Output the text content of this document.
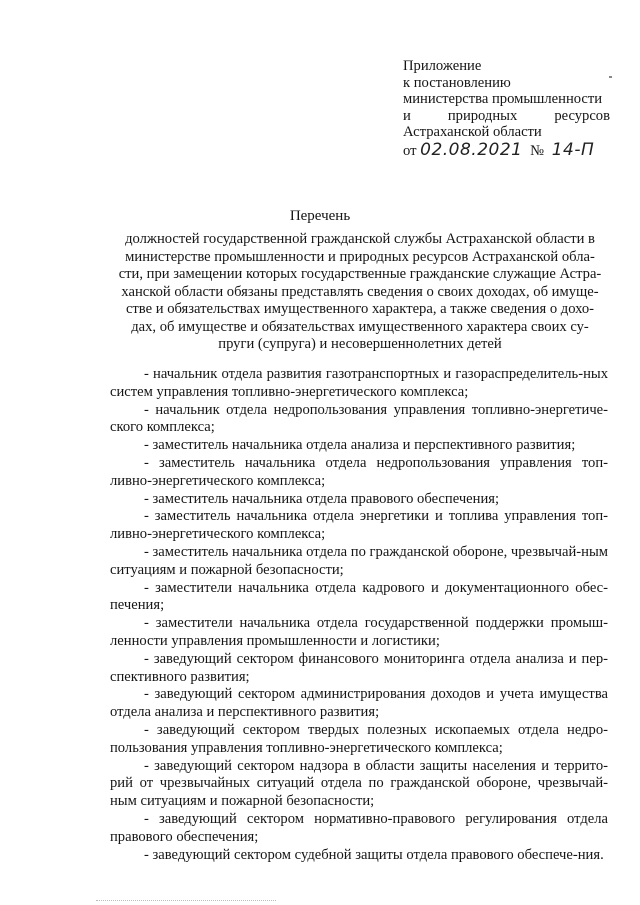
Приложение
к постановлению
министерства промышленности
и	природных	ресурсов
Астраханской области
от 02.08.2021 № 14-П
Перечень
должностей государственной гражданской службы Астраханской области в
министерстве промышленности и природных ресурсов Астраханской обла-
сти, при замещении которых государственные гражданские служащие Астра-
ханской области обязаны представлять сведения о своих доходах, об имуще-
стве и обязательствах имущественного характера, а также сведения о дохо-
дах, об имуществе и обязательствах имущественного характера своих су-
пруги (супруга) и несовершеннолетних детей
- начальник отдела развития газотранспортных и газораспределитель-ных систем управления топливно-энергетического комплекса;
- начальник отдела недропользования управления топливно-энергетиче-ского комплекса;
- заместитель начальника отдела анализа и перспективного развития;
- заместитель начальника отдела недропользования управления топ-ливно-энергетического комплекса;
- заместитель начальника отдела правового обеспечения;
- заместитель начальника отдела энергетики и топлива управления топ-ливно-энергетического комплекса;
- заместитель начальника отдела по гражданской обороне, чрезвычай-ным ситуациям и пожарной безопасности;
- заместители начальника отдела кадрового и документационного обес-печения;
- заместители начальника отдела государственной поддержки промыш-ленности управления промышленности и логистики;
- заведующий сектором финансового мониторинга отдела анализа и пер-спективного развития;
- заведующий сектором администрирования доходов и учета имущества отдела анализа и перспективного развития;
- заведующий сектором твердых полезных ископаемых отдела недро-пользования управления топливно-энергетического комплекса;
- заведующий сектором надзора в области защиты населения и террито-рий от чрезвычайных ситуаций отдела по гражданской обороне, чрезвычай-ным ситуациям и пожарной безопасности;
- заведующий сектором нормативно-правового регулирования отдела правового обеспечения;
- заведующий сектором судебной защиты отдела правового обеспече-ния.
